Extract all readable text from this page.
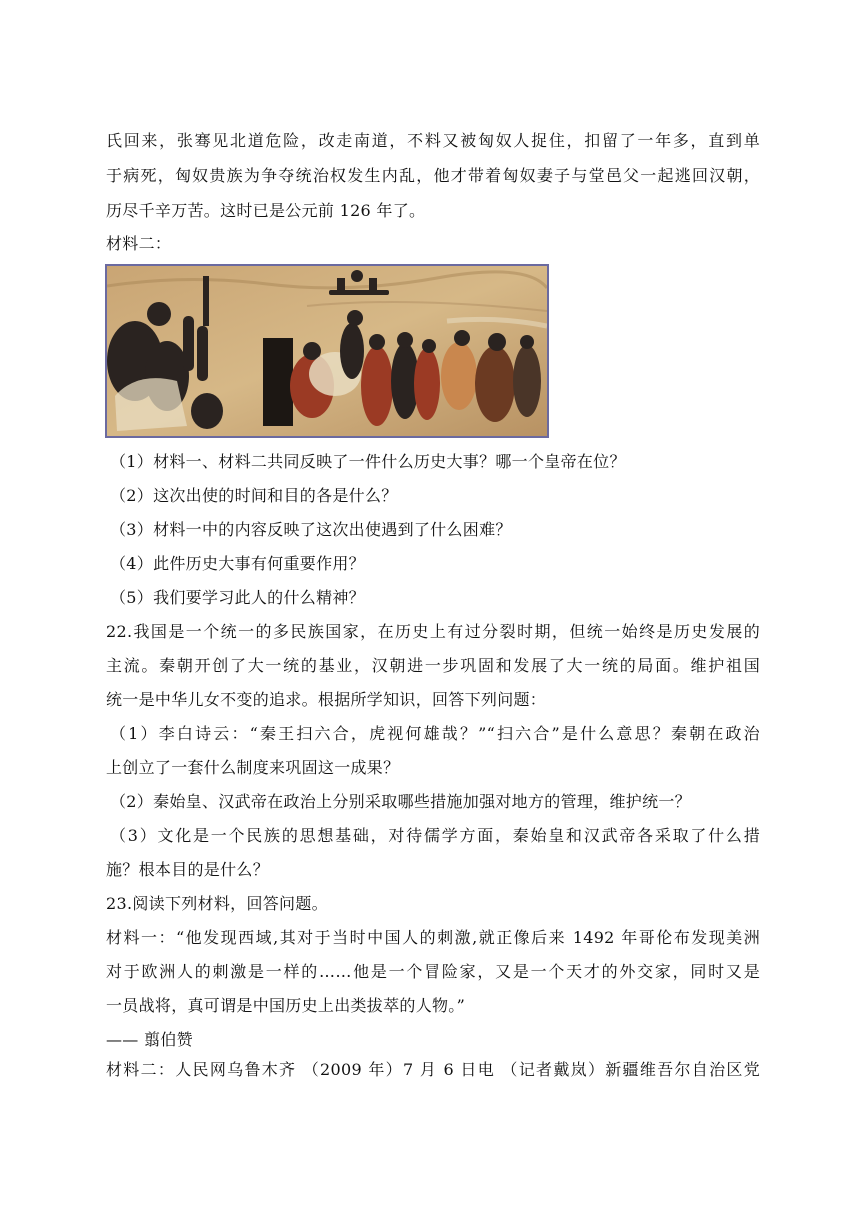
氏回来，张骞见北道危险，改走南道，不料又被匈奴人捉住，扣留了一年多，直到单
于病死，匈奴贵族为争夺统治权发生内乱，他才带着匈奴妻子与堂邑父一起逃回汉朝，
历尽千辛万苦。这时已是公元前 126 年了。
材料二：
（1）材料一、材料二共同反映了一件什么历史大事？哪一个皇帝在位？
（2）这次出使的时间和目的各是什么？
（3）材料一中的内容反映了这次出使遇到了什么困难？
（4）此件历史大事有何重要作用？
（5）我们要学习此人的什么精神？
22.我国是一个统一的多民族国家，在历史上有过分裂时期，但统一始终是历史发展的
主流。秦朝开创了大一统的基业，汉朝进一步巩固和发展了大一统的局面。维护祖国
统一是中华儿女不变的追求。根据所学知识，回答下列问题：
（1）李白诗云：“秦王扫六合，虎视何雄哉？”“扫六合”是什么意思？秦朝在政治
上创立了一套什么制度来巩固这一成果？
（2）秦始皇、汉武帝在政治上分别采取哪些措施加强对地方的管理，维护统一？
（3）文化是一个民族的思想基础，对待儒学方面，秦始皇和汉武帝各采取了什么措
施？根本目的是什么？
23.阅读下列材料，回答问题。
材料一：“他发现西域,其对于当时中国人的刺激,就正像后来 1492 年哥伦布发现美洲
对于欧洲人的刺激是一样的……他是一个冒险家，又是一个天才的外交家，同时又是
一员战将，真可谓是中国历史上出类拔萃的人物。”
—— 翦伯赞
材料二：人民网乌鲁木齐 （2009 年）7 月 6 日电 （记者戴岚）新疆维吾尔自治区党
